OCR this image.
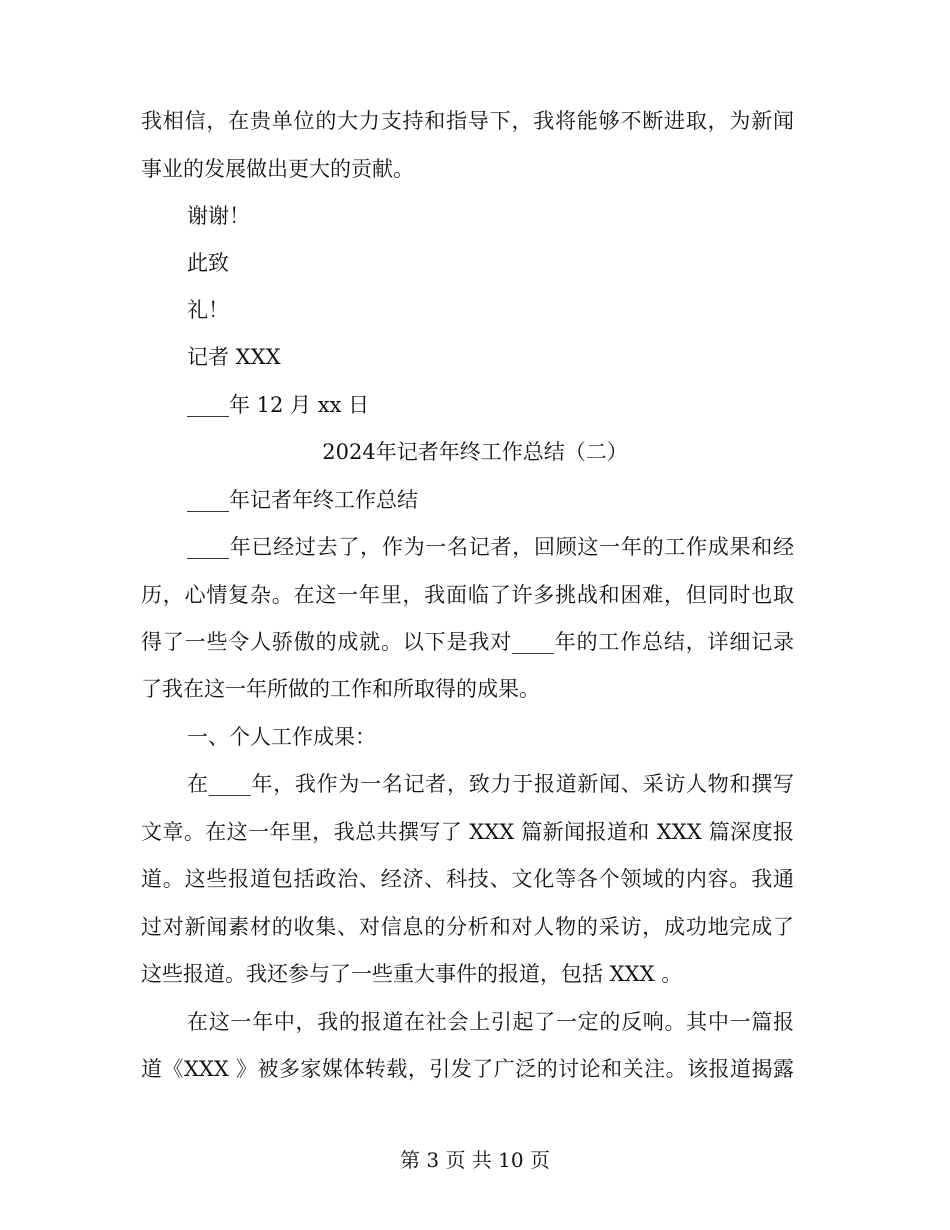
我相信，在贵单位的大力支持和指导下，我将能够不断进取，为新闻
事业的发展做出更大的贡献。
谢谢！
此致
礼！
记者 XXX
____年 12 月 xx 日
2024年记者年终工作总结（二）
____年记者年终工作总结
____年已经过去了，作为一名记者，回顾这一年的工作成果和经
历，心情复杂。在这一年里，我面临了许多挑战和困难，但同时也取
得了一些令人骄傲的成就。以下是我对____年的工作总结，详细记录
了我在这一年所做的工作和所取得的成果。
一、个人工作成果：
在____年，我作为一名记者，致力于报道新闻、采访人物和撰写
文章。在这一年里，我总共撰写了 XXX 篇新闻报道和 XXX 篇深度报
道。这些报道包括政治、经济、科技、文化等各个领域的内容。我通
过对新闻素材的收集、对信息的分析和对人物的采访，成功地完成了
这些报道。我还参与了一些重大事件的报道，包括 XXX 。
在这一年中，我的报道在社会上引起了一定的反响。其中一篇报
道《XXX 》被多家媒体转载，引发了广泛的讨论和关注。该报道揭露
第 3 页 共 10 页
